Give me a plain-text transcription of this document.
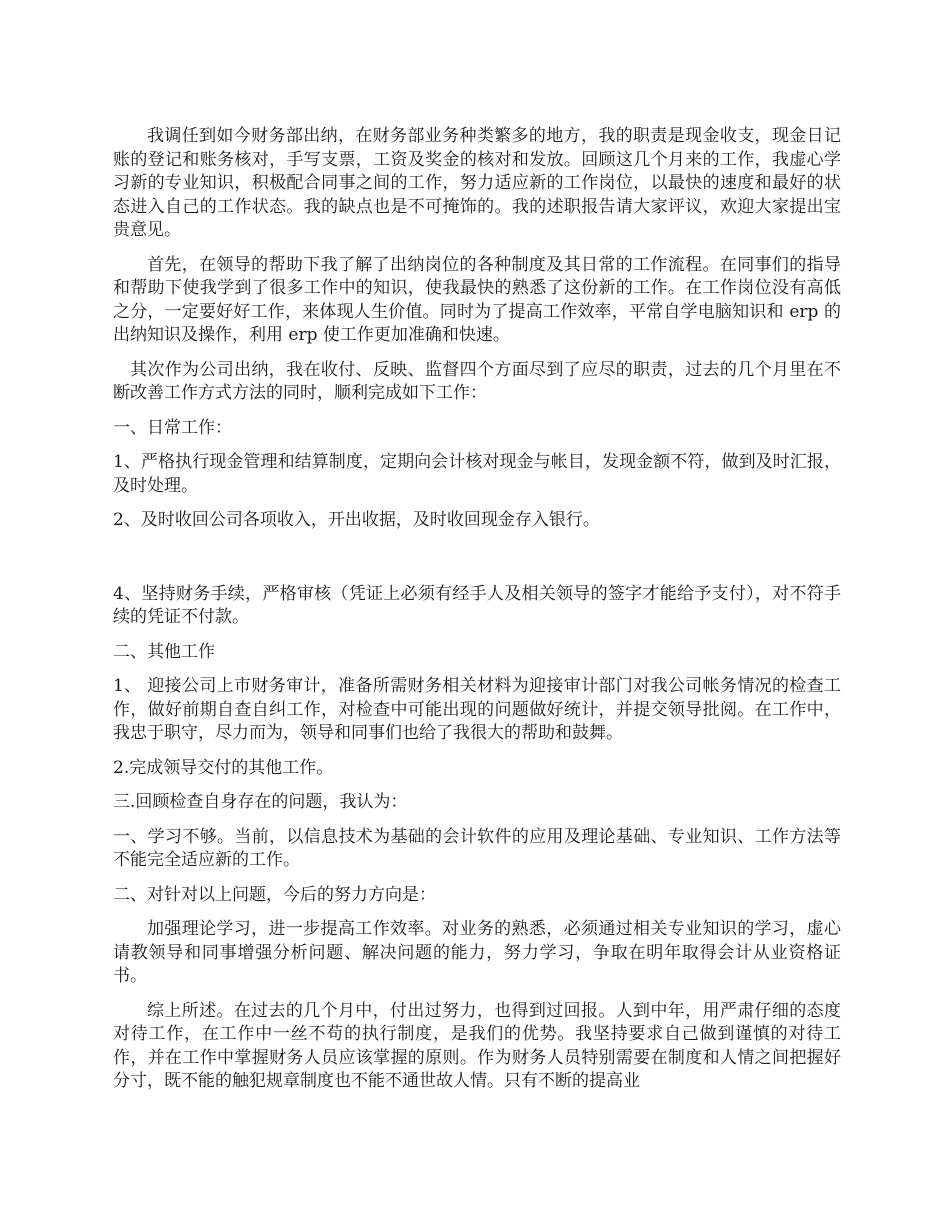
我调任到如今财务部出纳，在财务部业务种类繁多的地方，我的职责是现金收支，现金日记账的登记和账务核对，手写支票，工资及奖金的核对和发放。回顾这几个月来的工作，我虚心学习新的专业知识，积极配合同事之间的工作，努力适应新的工作岗位，以最快的速度和最好的状态进入自己的工作状态。我的缺点也是不可掩饰的。我的述职报告请大家评议，欢迎大家提出宝贵意见。

首先，在领导的帮助下我了解了出纳岗位的各种制度及其日常的工作流程。在同事们的指导和帮助下使我学到了很多工作中的知识，使我最快的熟悉了这份新的工作。在工作岗位没有高低之分，一定要好好工作，来体现人生价值。同时为了提高工作效率，平常自学电脑知识和 erp 的出纳知识及操作，利用 erp 使工作更加准确和快速。

其次作为公司出纳，我在收付、反映、监督四个方面尽到了应尽的职责，过去的几个月里在不断改善工作方式方法的同时，顺利完成如下工作：

一、日常工作：

1、严格执行现金管理和结算制度，定期向会计核对现金与帐目，发现金额不符，做到及时汇报，及时处理。

2、及时收回公司各项收入，开出收据，及时收回现金存入银行。

4、坚持财务手续，严格审核（凭证上必须有经手人及相关领导的签字才能给予支付），对不符手续的凭证不付款。

二、其他工作

1、 迎接公司上市财务审计，准备所需财务相关材料为迎接审计部门对我公司帐务情况的检查工作，做好前期自查自纠工作，对检查中可能出现的问题做好统计，并提交领导批阅。在工作中，我忠于职守，尽力而为，领导和同事们也给了我很大的帮助和鼓舞。

2.完成领导交付的其他工作。

三.回顾检查自身存在的问题，我认为：

一、学习不够。当前，以信息技术为基础的会计软件的应用及理论基础、专业知识、工作方法等不能完全适应新的工作。

二、对针对以上问题，今后的努力方向是：

加强理论学习，进一步提高工作效率。对业务的熟悉，必须通过相关专业知识的学习，虚心请教领导和同事增强分析问题、解决问题的能力，努力学习，争取在明年取得会计从业资格证书。

综上所述。在过去的几个月中，付出过努力，也得到过回报。人到中年，用严肃仔细的态度对待工作，在工作中一丝不苟的执行制度，是我们的优势。我坚持要求自己做到谨慎的对待工作，并在工作中掌握财务人员应该掌握的原则。作为财务人员特别需要在制度和人情之间把握好分寸，既不能的触犯规章制度也不能不通世故人情。只有不断的提高业
